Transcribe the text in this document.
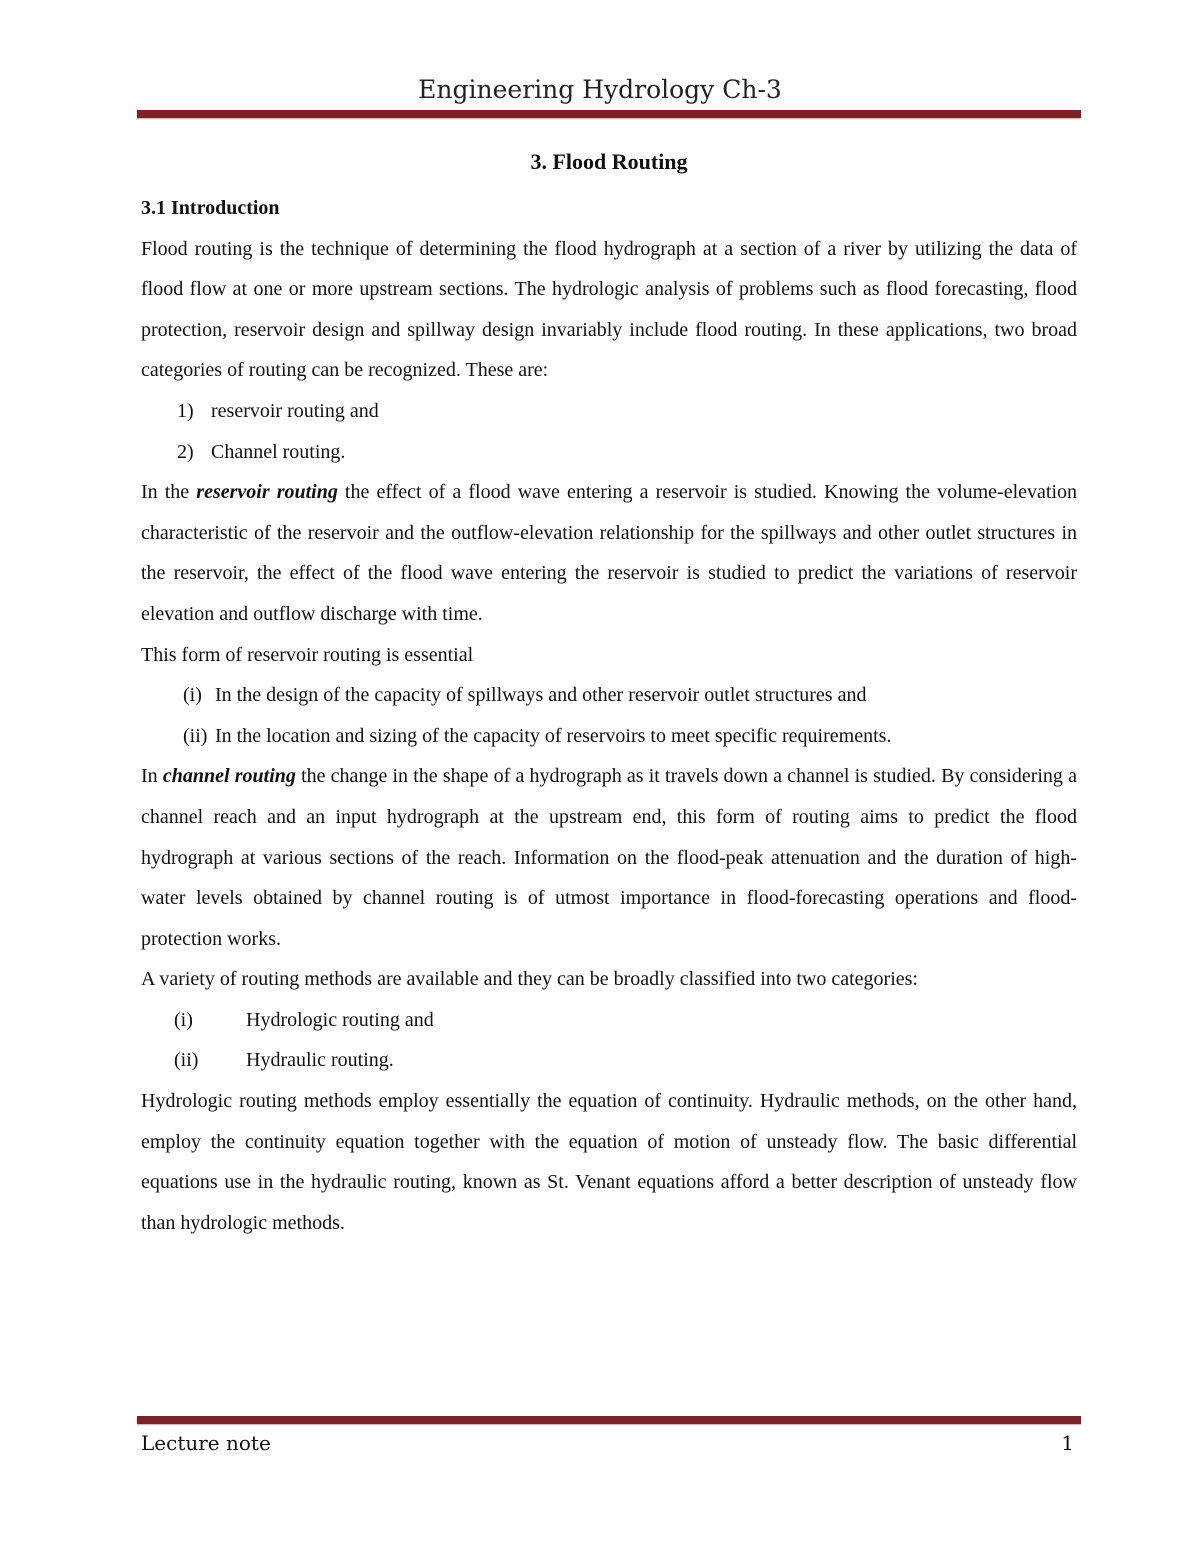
Engineering Hydrology Ch-3
3. Flood Routing
3.1 Introduction
Flood routing is the technique of determining the flood hydrograph at a section of a river by utilizing the data of flood flow at one or more upstream sections. The hydrologic analysis of problems such as flood forecasting, flood protection, reservoir design and spillway design invariably include flood routing. In these applications, two broad categories of routing can be recognized. These are:
1) reservoir routing and
2) Channel routing.
In the reservoir routing the effect of a flood wave entering a reservoir is studied. Knowing the volume-elevation characteristic of the reservoir and the outflow-elevation relationship for the spillways and other outlet structures in the reservoir, the effect of the flood wave entering the reservoir is studied to predict the variations of reservoir elevation and outflow discharge with time.
This form of reservoir routing is essential
(i) In the design of the capacity of spillways and other reservoir outlet structures and
(ii) In the location and sizing of the capacity of reservoirs to meet specific requirements.
In channel routing the change in the shape of a hydrograph as it travels down a channel is studied. By considering a channel reach and an input hydrograph at the upstream end, this form of routing aims to predict the flood hydrograph at various sections of the reach. Information on the flood-peak attenuation and the duration of high-water levels obtained by channel routing is of utmost importance in flood-forecasting operations and flood-protection works.
A variety of routing methods are available and they can be broadly classified into two categories:
(i)	Hydrologic routing and
(ii) Hydraulic routing.
Hydrologic routing methods employ essentially the equation of continuity. Hydraulic methods, on the other hand, employ the continuity equation together with the equation of motion of unsteady flow. The basic differential equations use in the hydraulic routing, known as St. Venant equations afford a better description of unsteady flow than hydrologic methods.
Lecture note	1
